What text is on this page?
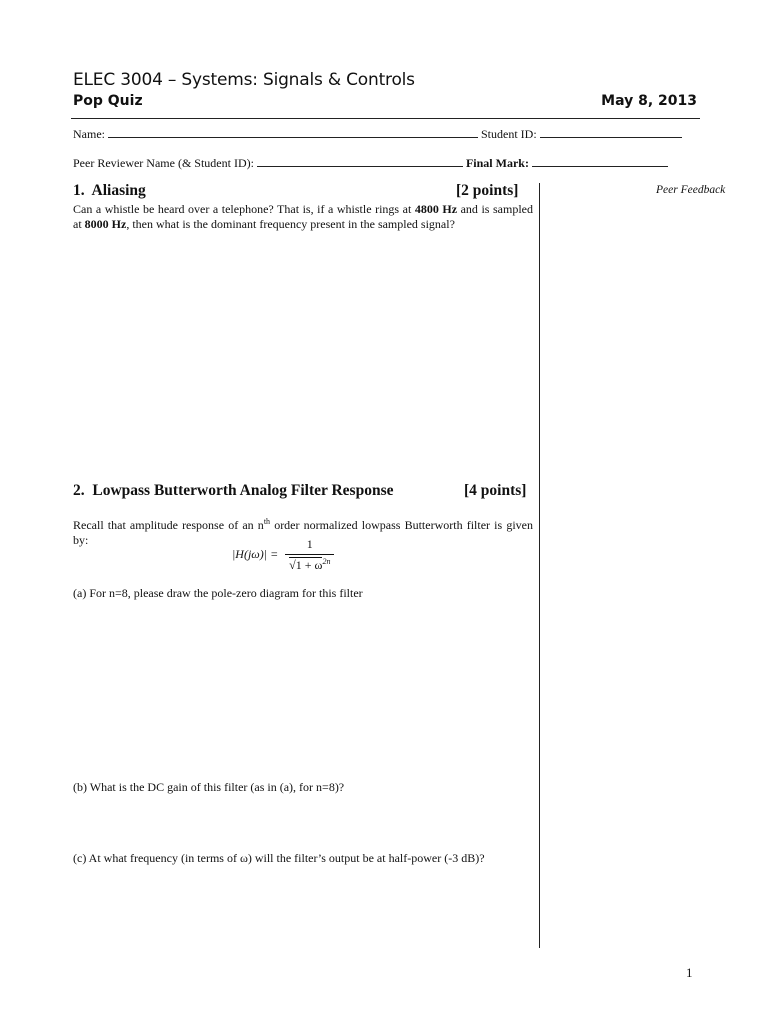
ELEC 3004 – Systems: Signals & Controls
Pop Quiz	May 8, 2013
Name:	Student ID:
Peer Reviewer Name (& Student ID):	Final Mark:
Peer Feedback
1. Aliasing	[2 points]
Can a whistle be heard over a telephone? That is, if a whistle rings at 4800 Hz and is sampled at 8000 Hz, then what is the dominant frequency present in the sampled signal?
2. Lowpass Butterworth Analog Filter Response	[4 points]
Recall that amplitude response of an $n^{th}$ order normalized lowpass Butterworth filter is given by:
$|H(j\omega)| = \frac{1}{√1 + \omega^{2n}}$
(a) For n=8, please draw the pole-zero diagram for this filter
(b) What is the DC gain of this filter (as in (a), for n=8)?
(c) At what frequency (in terms of ω) will the filter’s output be at half-power (-3 dB)?
1
